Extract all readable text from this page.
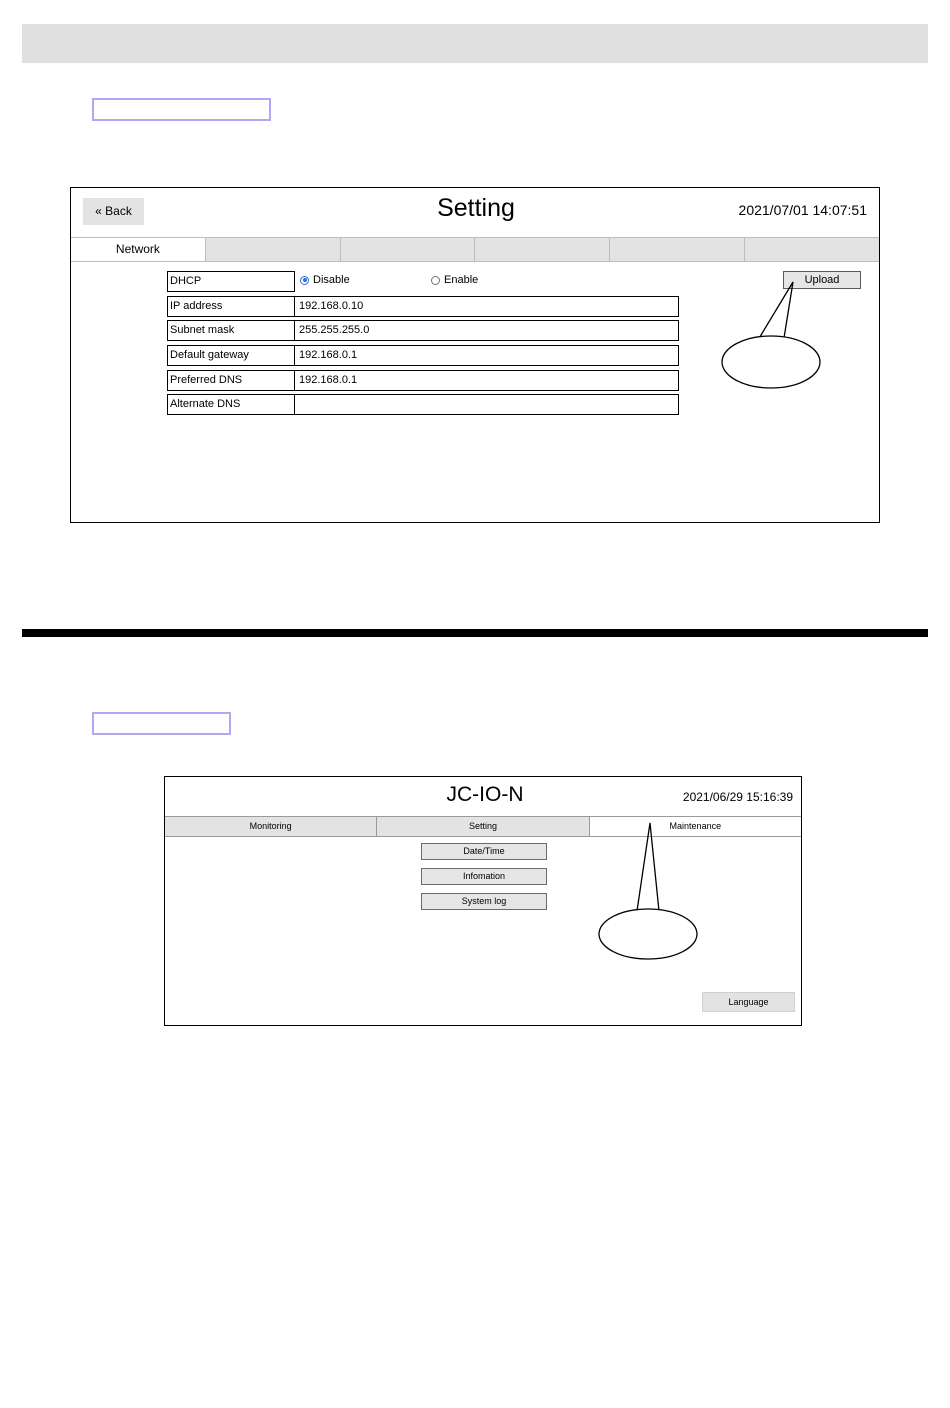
« Back	Setting	2021/07/01 14:07:51
Network
DHCP	Disable	Enable	Upload
IP address	192.168.0.10
Subnet mask	255.255.255.0
Default gateway	192.168.0.1
Preferred DNS	192.168.0.1
Alternate DNS
JC-IO-N	2021/06/29 15:16:39
Monitoring	Setting	Maintenance
Date/Time
Infomation
System log
Language
